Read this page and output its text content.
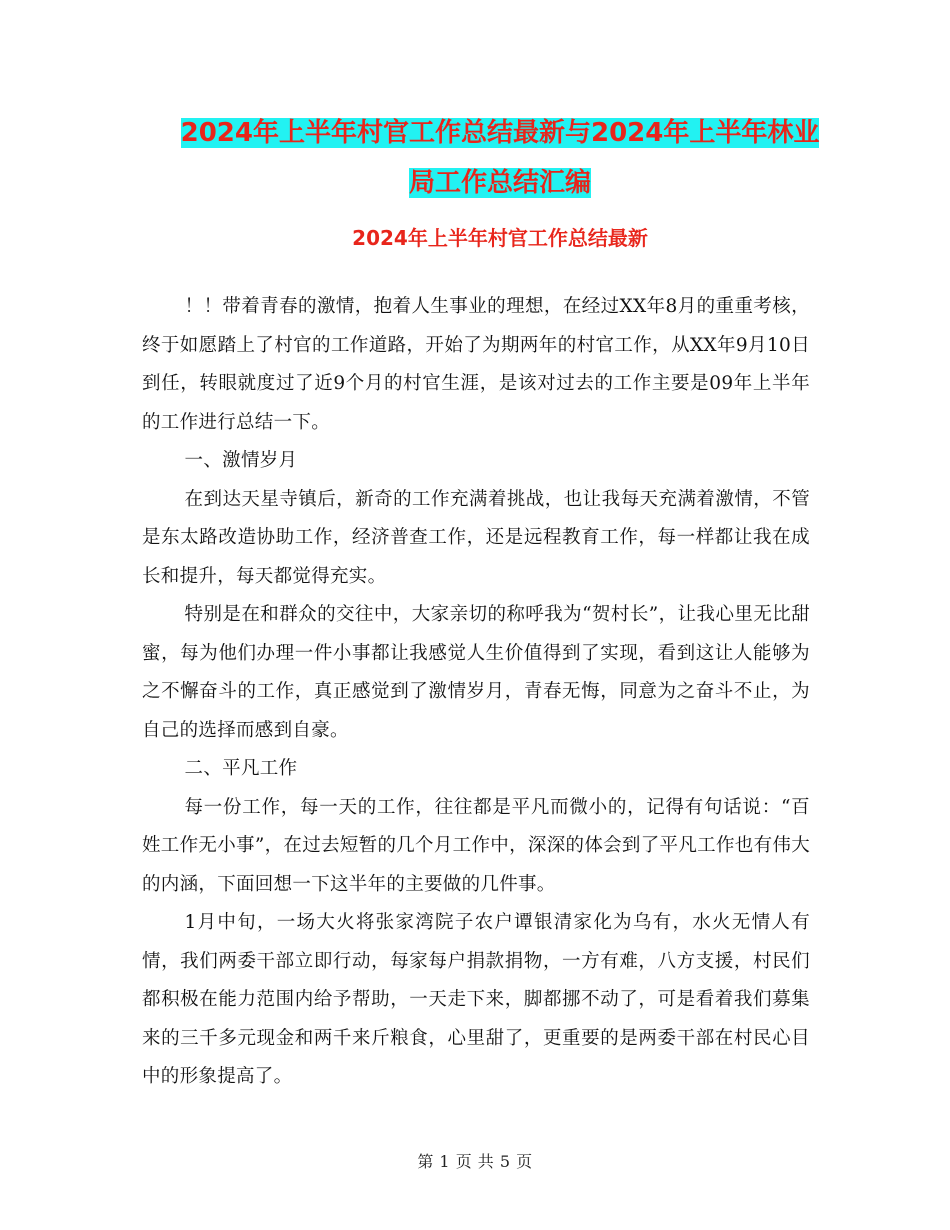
2024年上半年村官工作总结最新与2024年上半年林业
局工作总结汇编
2024年上半年村官工作总结最新

！！带着青春的激情，抱着人生事业的理想，在经过XX年8月的重重考核，终于如愿踏上了村官的工作道路，开始了为期两年的村官工作，从XX年9月10日到任，转眼就度过了近9个月的村官生涯，是该对过去的工作主要是09年上半年的工作进行总结一下。

一、激情岁月

在到达天星寺镇后，新奇的工作充满着挑战，也让我每天充满着激情，不管是东太路改造协助工作，经济普查工作，还是远程教育工作，每一样都让我在成长和提升，每天都觉得充实。

特别是在和群众的交往中，大家亲切的称呼我为“贺村长”，让我心里无比甜蜜，每为他们办理一件小事都让我感觉人生价值得到了实现，看到这让人能够为之不懈奋斗的工作，真正感觉到了激情岁月，青春无悔，同意为之奋斗不止，为自己的选择而感到自豪。

二、平凡工作

每一份工作，每一天的工作，往往都是平凡而微小的，记得有句话说：“百姓工作无小事”，在过去短暂的几个月工作中，深深的体会到了平凡工作也有伟大的内涵，下面回想一下这半年的主要做的几件事。

1月中旬，一场大火将张家湾院子农户谭银清家化为乌有，水火无情人有情，我们两委干部立即行动，每家每户捐款捐物，一方有难，八方支援，村民们都积极在能力范围内给予帮助，一天走下来，脚都挪不动了，可是看着我们募集来的三千多元现金和两千来斤粮食，心里甜了，更重要的是两委干部在村民心目中的形象提高了。

第 1 页 共 5 页
